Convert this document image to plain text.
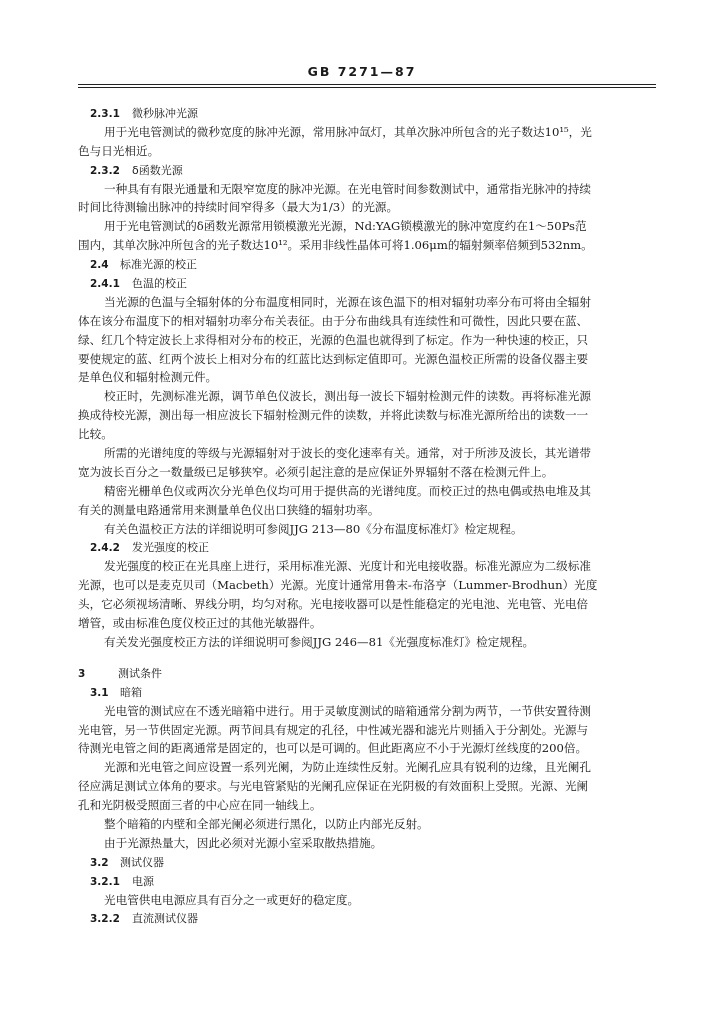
GB 7271—87
2.3.1 微秒脉冲光源
用于光电管测试的微秒宽度的脉冲光源，常用脉冲氙灯，其单次脉冲所包含的光子数达10¹⁵，光
色与日光相近。
2.3.2 δ函数光源
一种具有有限光通量和无限窄宽度的脉冲光源。在光电管时间参数测试中，通常指光脉冲的持续
时间比待测输出脉冲的持续时间窄得多（最大为1/3）的光源。
用于光电管测试的δ函数光源常用锁模激光光源，Nd:YAG锁模激光的脉冲宽度约在1～50Ps范
围内，其单次脉冲所包含的光子数达10¹²。采用非线性晶体可将1.06μm的辐射频率倍频到532nm。
2.4 标准光源的校正
2.4.1 色温的校正
当光源的色温与全辐射体的分布温度相同时，光源在该色温下的相对辐射功率分布可将由全辐射
体在该分布温度下的相对辐射功率分布关表征。由于分布曲线具有连续性和可微性，因此只要在蓝、
绿、红几个特定波长上求得相对分布的校正，光源的色温也就得到了标定。作为一种快速的校正，只
要使规定的蓝、红两个波长上相对分布的红蓝比达到标定值即可。光源色温校正所需的设备仪器主要
是单色仪和辐射检测元件。
校正时，先测标准光源，调节单色仪波长，测出每一波长下辐射检测元件的读数。再将标准光源
换成待校光源，测出每一相应波长下辐射检测元件的读数，并将此读数与标准光源所给出的读数一一
比较。
所需的光谱纯度的等级与光源辐射对于波长的变化速率有关。通常，对于所涉及波长，其光谱带
宽为波长百分之一数量级已足够狭窄。必须引起注意的是应保证外界辐射不落在检测元件上。
精密光栅单色仪或两次分光单色仪均可用于提供高的光谱纯度。而校正过的热电偶或热电堆及其
有关的测量电路通常用来测量单色仪出口狭缝的辐射功率。
有关色温校正方法的详细说明可参阅JJG 213—80《分布温度标准灯》检定规程。
2.4.2 发光强度的校正
发光强度的校正在光具座上进行，采用标准光源、光度计和光电接收器。标准光源应为二级标准
光源，也可以是麦克贝司（Macbeth）光源。光度计通常用鲁末-布洛亨（Lummer-Brodhun）光度
头，它必须视场清晰、界线分明，均匀对称。光电接收器可以是性能稳定的光电池、光电管、光电倍
增管，或由标准色度仪校正过的其他光敏器件。
有关发光强度校正方法的详细说明可参阅JJG 246—81《光强度标准灯》检定规程。
3	测试条件
3.1 暗箱
光电管的测试应在不透光暗箱中进行。用于灵敏度测试的暗箱通常分割为两节，一节供安置待测
光电管，另一节供固定光源。两节间具有规定的孔径，中性减光器和滤光片则插入于分割处。光源与
待测光电管之间的距离通常是固定的，也可以是可调的。但此距离应不小于光源灯丝线度的200倍。
光源和光电管之间应设置一系列光阑，为防止连续性反射。光阑孔应具有锐利的边缘，且光阑孔
径应满足测试立体角的要求。与光电管紧贴的光阑孔应保证在光阴极的有效面积上受照。光源、光阑
孔和光阴极受照面三者的中心应在同一轴线上。
整个暗箱的内壁和全部光阑必须进行黑化，以防止内部光反射。
由于光源热量大，因此必须对光源小室采取散热措施。
3.2 测试仪器
3.2.1 电源
光电管供电电源应具有百分之一或更好的稳定度。
3.2.2 直流测试仪器
